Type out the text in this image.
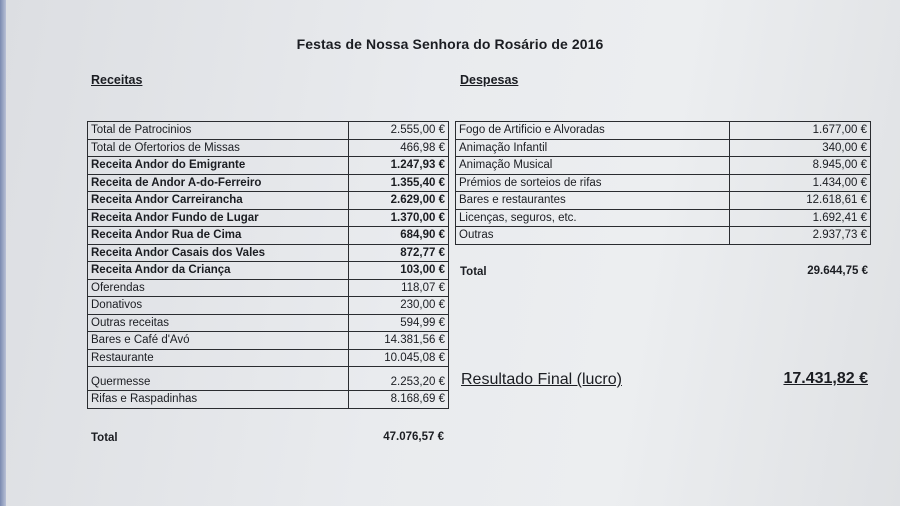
Festas de Nossa Senhora do Rosário de 2016
Receitas	Despesas
Total de Patrocinios	2.555,00 €
Total de Ofertorios de Missas	466,98 €
Receita Andor do Emigrante	1.247,93 €
Receita de Andor A-do-Ferreiro	1.355,40 €
Receita Andor Carreirancha	2.629,00 €
Receita Andor Fundo de Lugar	1.370,00 €
Receita Andor Rua de Cima	684,90 €
Receita Andor Casais dos Vales	872,77 €
Receita Andor da Criança	103,00 €
Oferendas	118,07 €
Donativos	230,00 €
Outras receitas	594,99 €
Bares e Café d'Avó	14.381,56 €
Restaurante	10.045,08 €
Quermesse	2.253,20 €
Rifas e Raspadinhas	8.168,69 €
Total	47.076,57 €
Fogo de Artificio e Alvoradas	1.677,00 €
Animação Infantil	340,00 €
Animação Musical	8.945,00 €
Prémios de sorteios de rifas	1.434,00 €
Bares e restaurantes	12.618,61 €
Licenças, seguros, etc.	1.692,41 €
Outras	2.937,73 €
Total	29.644,75 €
Resultado Final (lucro)	17.431,82 €
